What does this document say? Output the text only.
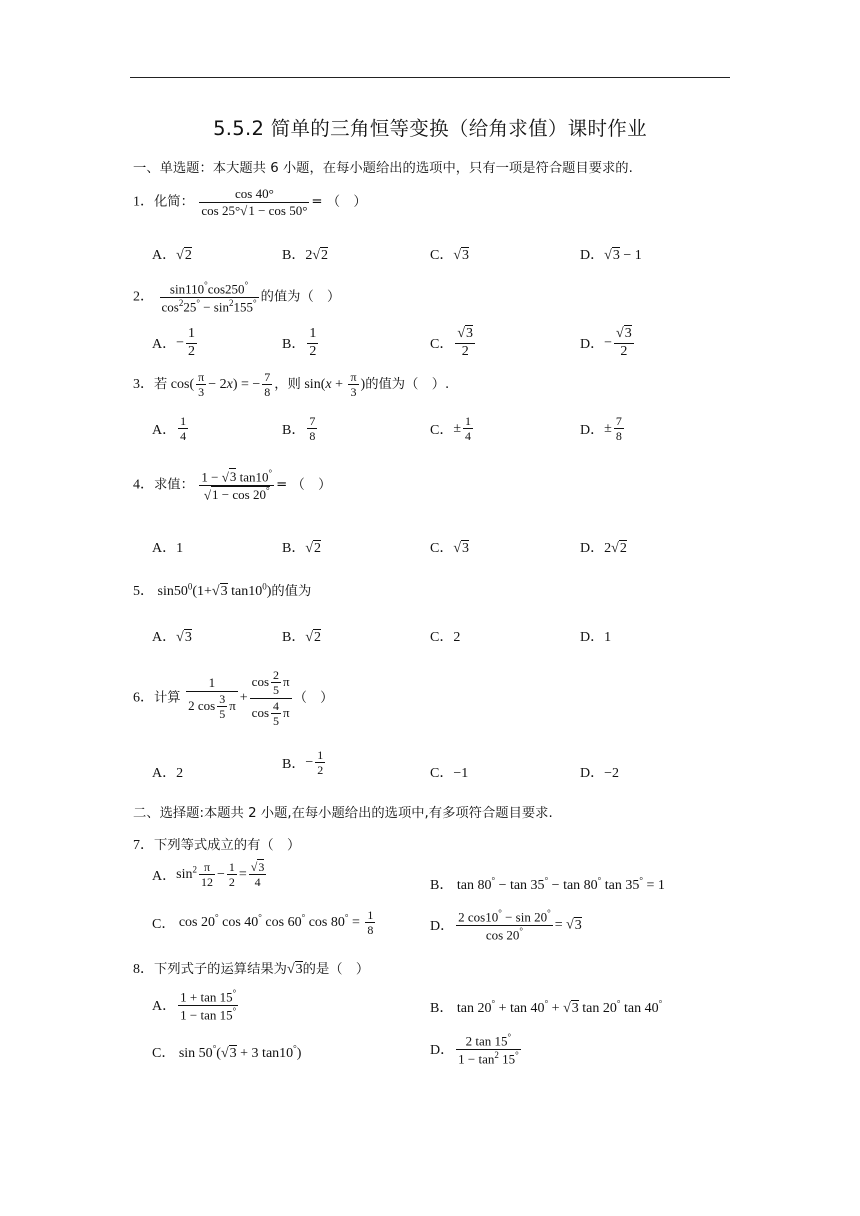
5.5.2 简单的三角恒等变换（给角求值）课时作业
一、单选题：本大题共 6 小题，在每小题给出的选项中，只有一项是符合题目要求的.
1．化简： $\frac{\cos 40^\circ}{\cos 25^\circ√1 - \cos 50^\circ}$ = （　）
A．√2	B．2√2	C．√3	D．√3 − 1
2． $\frac{\sin 110^\circ\cos 250^\circ}{\cos^225^\circ - \sin^2155^\circ}$ 的值为（　）
A．− $\frac{1}{2}$	B． $\frac{1}{2}$	C． $\frac{√3}{2}$	D．− $\frac{√3}{2}$
3．若 $\cos( \frac{\pi}{3} - 2x)$ = − $\frac{7}{8}$ ，则 $\sin(x + \frac{\pi}{3}$ )的值为（　）.
A． $\frac{1}{4}$	B． $\frac{7}{8}$	C．± $\frac{1}{4}$	D．± $\frac{7}{8}$
4．求值： $\frac{1 - √3 \tan 10^\circ}{√1 - \cos 20^\circ}$ = （　）
A．1	B．√2	C．√3	D．2√2
5． $\sin 50^0(1+√3$ $\tan 10^0$)的值为
A．√3	B．√2	C．2	D．1
6．计算 $\frac{1}{2 \cos \frac{3}{5} \pi} + \frac{\cos \frac{2}{5} \pi}{\cos \frac{4}{5} \pi}$ （　）
A．2
B．− $\frac{1}{2}$	C．−1	D．−2
二、选择题:本题共 2 小题,在每小题给出的选项中,有多项符合题目要求.
7．下列等式成立的有（　）
A．$\sin^2 \frac{\pi}{12} - \frac{1}{2} = \frac{√3}{4}$	B． tan 80° − tan 35° − tan 80° tan 35° = 1
C． cos 20° cos 40° cos 60° $\cos 80^\circ = \frac{1}{8}$	D． $\frac{2 \cos 10^\circ - \sin 20^\circ}{\cos 20^\circ} = √3$
8．下列式子的运算结果为√3的是（　）
A． $\frac{1 + \tan 15^\circ}{1 - \tan 15^\circ}$	B． tan 20° + tan 40° + √3 tan 20° tan 40°
C． sin 50°(√3 + 3 tan10°)	D． $\frac{2 \tan 15^\circ}{1 - \tan^2 15^\circ}$
